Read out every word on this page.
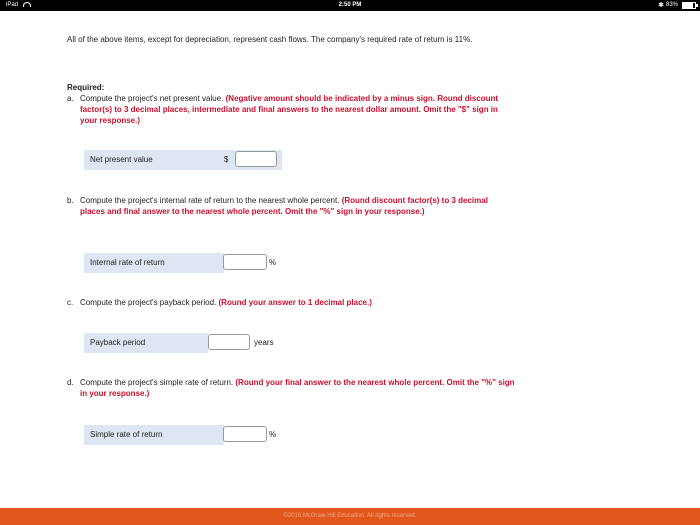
iPad	2:50 PM	✱ 83%
All of the above items, except for depreciation, represent cash flows. The company's required rate of return is 11%.
Required:
a. Compute the project's net present value. (Negative amount should be indicated by a minus sign. Round discount factor(s) to 3 decimal places, intermediate and final answers to the nearest dollar amount. Omit the "$" sign in your response.)
b. Compute the project's internal rate of return to the nearest whole percent. (Round discount factor(s) to 3 decimal places and final answer to the nearest whole percent. Omit the "%" sign in your response.)
c. Compute the project's payback period. (Round your answer to 1 decimal place.)
d. Compute the project's simple rate of return. (Round your final answer to the nearest whole percent. Omit the "%" sign in your response.)
Net present value	$
Internal rate of return	%
Payback period	years
Simple rate of return	%
©2016 McGraw-Hill Education. All rights reserved.
